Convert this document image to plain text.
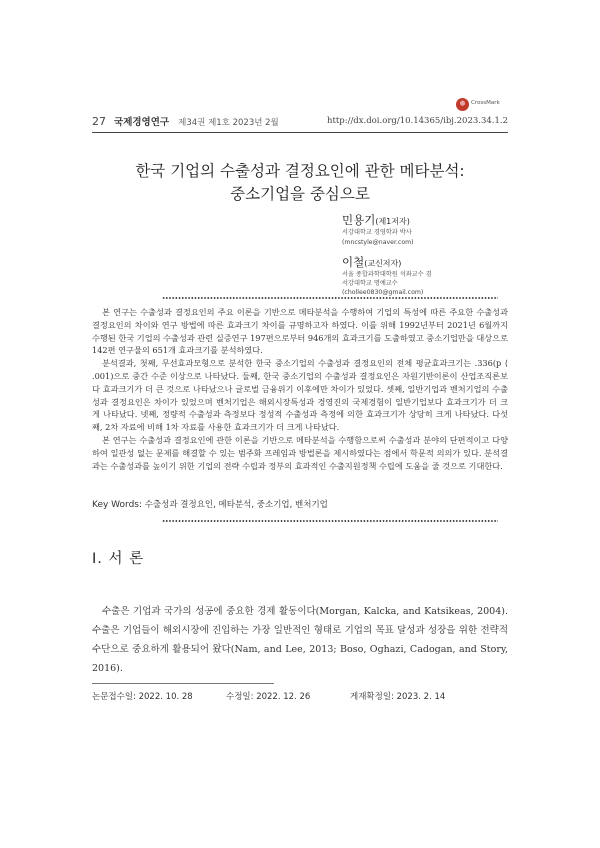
CrossMark
27 국제경영연구 제34권 제1호 2023년 2월	http://dx.doi.org/10.14365/ibj.2023.34.1.2
한국 기업의 수출성과 결정요인에 관한 메타분석:
중소기업을 중심으로
민용기(제1저자)
서강대학교 경영학과 박사
(mncstyle@naver.com)
이철(교신저자)
서울 종합과학대학원 석좌교수 겸
서강대학교 명예교수
(chollee0830@gmail.com)

본 연구는 수출성과 결정요인의 주요 이론을 기반으로 메타분석을 수행하여 기업의 특성에 따른 주요한 수출성과 결정요인의 차이와 연구 방법에 따른 효과크기 차이를 규명하고자 하였다. 이를 위해 1992년부터 2021년 6월까지 수행된 한국 기업의 수출성과 관련 실증연구 197편으로부터 946개의 효과크기를 도출하였고 중소기업만을 대상으로 142편 연구물의 651개 효과크기를 분석하였다.

분석결과, 첫째, 무선효과모형으로 분석한 한국 중소기업의 수출성과 결정요인의 전체 평균효과크기는 .336(p ⟨ .001)으로 중간 수준 이상으로 나타났다. 둘째, 한국 중소기업의 수출성과 결정요인은 자원기반이론이 산업조직론보다 효과크기가 더 큰 것으로 나타났으나 글로벌 금융위기 이후에만 차이가 있었다. 셋째, 일반기업과 벤처기업의 수출성과 결정요인은 차이가 있었으며 벤처기업은 해외시장특성과 경영진의 국제경험이 일반기업보다 효과크기가 더 크게 나타났다. 넷째, 정량적 수출성과 측정보다 정성적 수출성과 측정에 의한 효과크기가 상당히 크게 나타났다. 다섯째, 2차 자료에 비해 1차 자료를 사용한 효과크기가 더 크게 나타났다.

본 연구는 수출성과 결정요인에 관한 이론을 기반으로 메타분석을 수행함으로써 수출성과 분야의 단편적이고 다양하여 일관성 없는 문제를 해결할 수 있는 범주화 프레임과 방법론을 제시하였다는 점에서 학문적 의의가 있다. 분석결과는 수출성과를 높이기 위한 기업의 전략 수립과 정부의 효과적인 수출지원정책 수립에 도움을 줄 것으로 기대한다.

Key Words: 수출성과 결정요인, 메타분석, 중소기업, 벤처기업
Ⅰ. 서 론

수출은 기업과 국가의 성공에 중요한 경제 활동이다(Morgan, Kalcka, and Katsikeas, 2004). 수출은 기업들이 해외시장에 진입하는 가장 일반적인 형태로 기업의 목표 달성과 성장을 위한 전략적 수단으로 중요하게 활용되어 왔다(Nam, and Lee, 2013; Boso, Oghazi, Cadogan, and Story, 2016).

논문접수일: 2022. 10. 28	수정일: 2022. 12. 26	게재확정일: 2023. 2. 14
